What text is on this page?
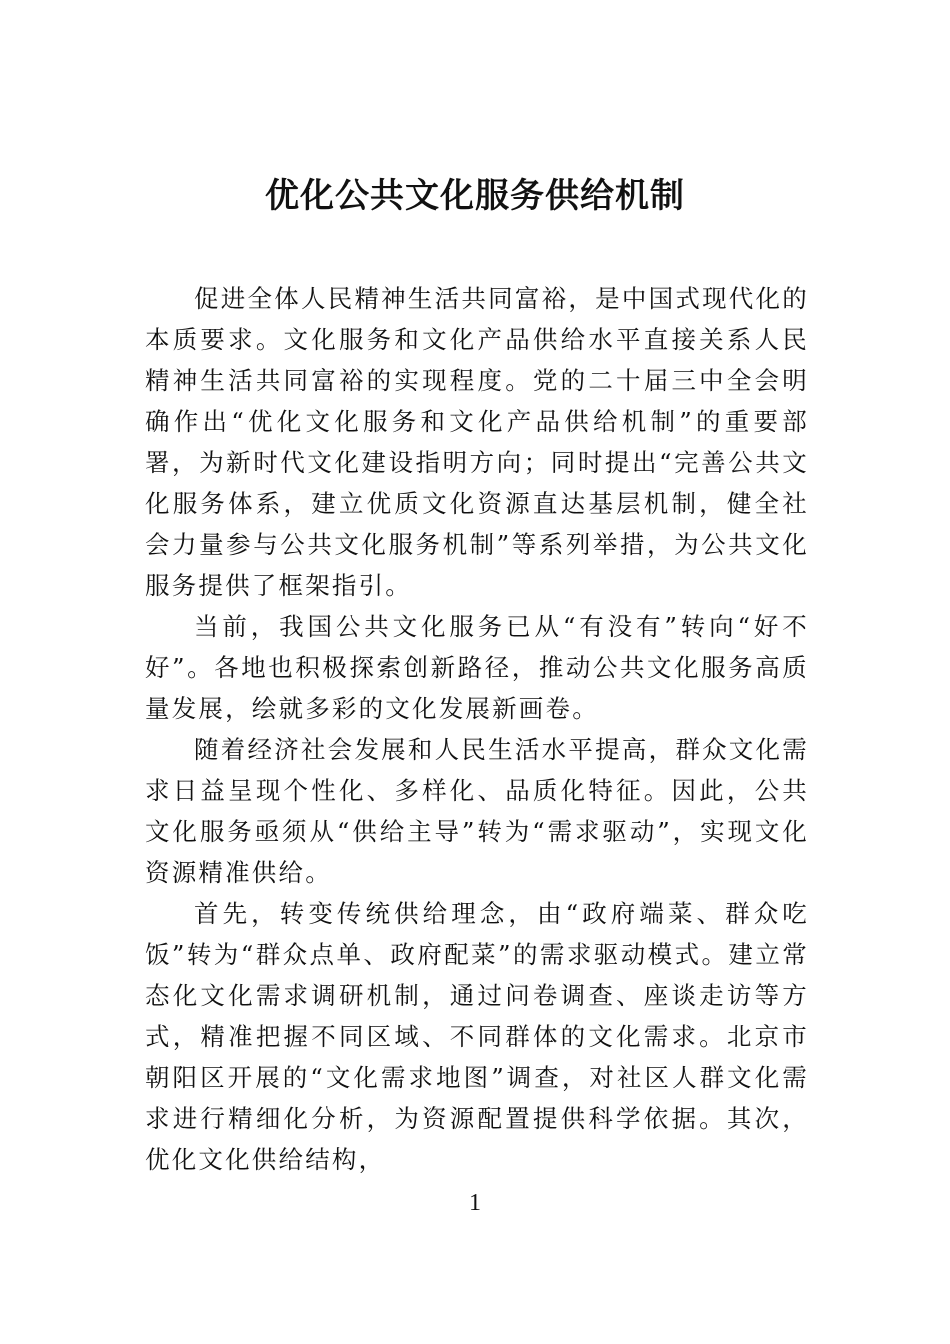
优化公共文化服务供给机制

促进全体人民精神生活共同富裕，是中国式现代化的本质要求。文化服务和文化产品供给水平直接关系人民精神生活共同富裕的实现程度。党的二十届三中全会明确作出“优化文化服务和文化产品供给机制”的重要部署，为新时代文化建设指明方向；同时提出“完善公共文化服务体系，建立优质文化资源直达基层机制，健全社会力量参与公共文化服务机制”等系列举措，为公共文化服务提供了框架指引。

当前，我国公共文化服务已从“有没有”转向“好不好”。各地也积极探索创新路径，推动公共文化服务高质量发展，绘就多彩的文化发展新画卷。

随着经济社会发展和人民生活水平提高，群众文化需求日益呈现个性化、多样化、品质化特征。因此，公共文化服务亟须从“供给主导”转为“需求驱动”，实现文化资源精准供给。

首先，转变传统供给理念，由“政府端菜、群众吃饭”转为“群众点单、政府配菜”的需求驱动模式。建立常态化文化需求调研机制，通过问卷调查、座谈走访等方式，精准把握不同区域、不同群体的文化需求。北京市朝阳区开展的“文化需求地图”调查，对社区人群文化需求进行精细化分析，为资源配置提供科学依据。其次，优化文化供给结构，

1
